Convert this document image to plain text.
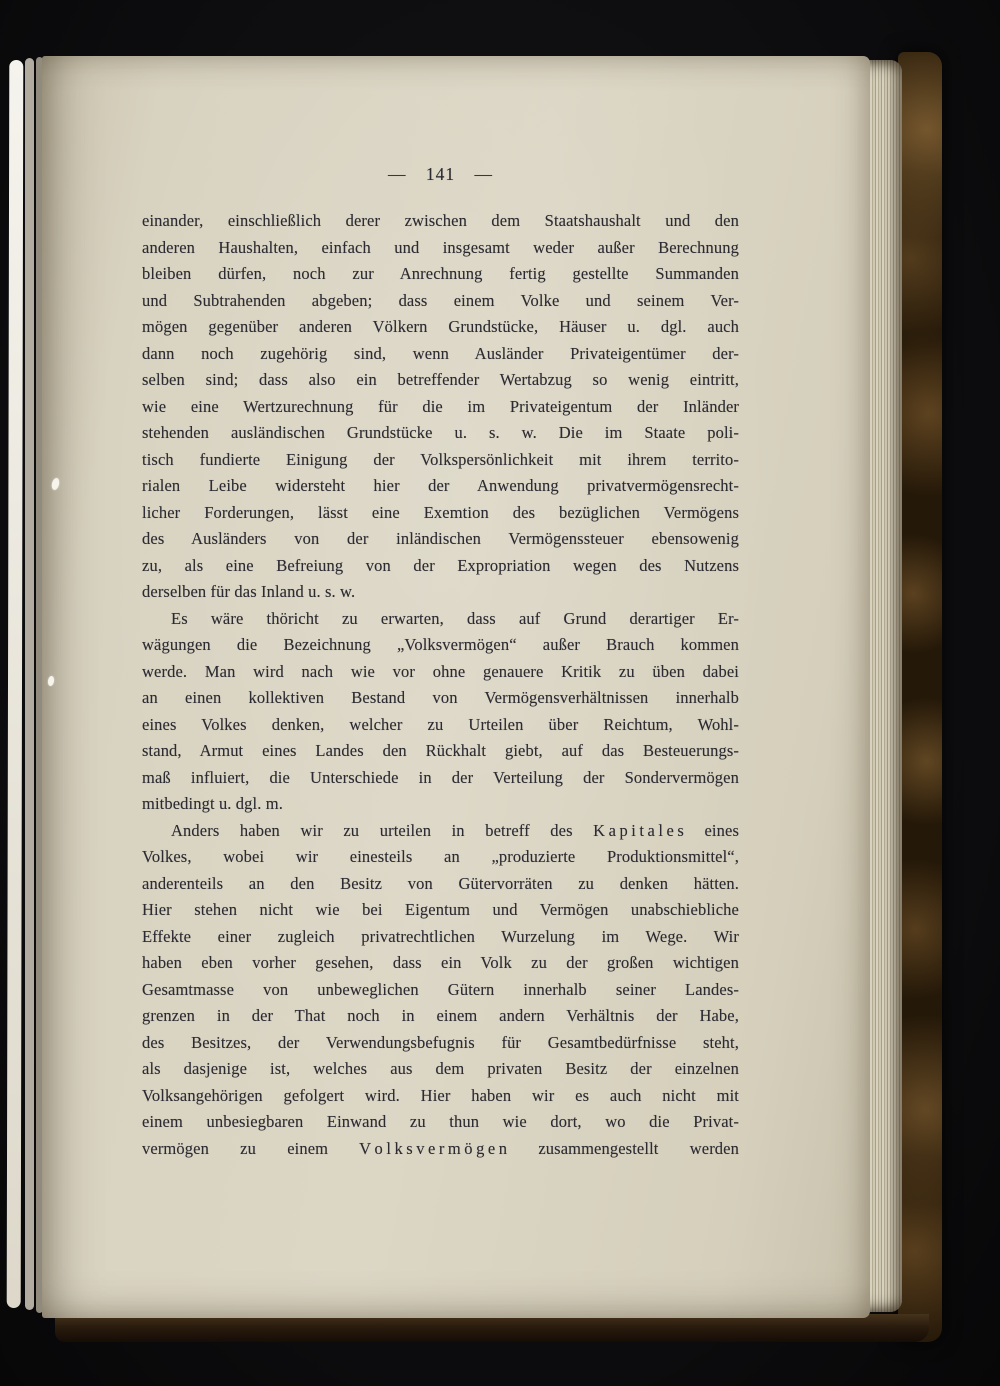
— 141 —
einander, einschließlich derer zwischen dem Staatshaushalt und den
anderen Haushalten, einfach und insgesamt weder außer Berechnung
bleiben dürfen, noch zur Anrechnung fertig gestellte Summanden
und Subtrahenden abgeben; dass einem Volke und seinem Ver-
mögen gegenüber anderen Völkern Grundstücke, Häuser u. dgl. auch
dann noch zugehörig sind, wenn Ausländer Privateigentümer der-
selben sind; dass also ein betreffender Wertabzug so wenig eintritt,
wie eine Wertzurechnung für die im Privateigentum der Inländer
stehenden ausländischen Grundstücke u. s. w. Die im Staate poli-
tisch fundierte Einigung der Volkspersönlichkeit mit ihrem territo-
rialen Leibe widersteht hier der Anwendung privatvermögensrecht-
licher Forderungen, lässt eine Exemtion des bezüglichen Vermögens
des Ausländers von der inländischen Vermögenssteuer ebensowenig
zu, als eine Befreiung von der Expropriation wegen des Nutzens
derselben für das Inland u. s. w.
Es wäre thöricht zu erwarten, dass auf Grund derartiger Er-
wägungen die Bezeichnung „Volksvermögen“ außer Brauch kommen
werde. Man wird nach wie vor ohne genauere Kritik zu üben dabei
an einen kollektiven Bestand von Vermögensverhältnissen innerhalb
eines Volkes denken, welcher zu Urteilen über Reichtum, Wohl-
stand, Armut eines Landes den Rückhalt giebt, auf das Besteuerungs-
maß influiert, die Unterschiede in der Verteilung der Sondervermögen
mitbedingt u. dgl. m.
Anders haben wir zu urteilen in betreff des K a p i t a l e s eines
Volkes, wobei wir einesteils an „produzierte Produktionsmittel“,
anderenteils an den Besitz von Gütervorräten zu denken hätten.
Hier stehen nicht wie bei Eigentum und Vermögen unabschiebliche
Effekte einer zugleich privatrechtlichen Wurzelung im Wege. Wir
haben eben vorher gesehen, dass ein Volk zu der großen wichtigen
Gesamtmasse von unbeweglichen Gütern innerhalb seiner Landes-
grenzen in der That noch in einem andern Verhältnis der Habe,
des Besitzes, der Verwendungsbefugnis für Gesamtbedürfnisse steht,
als dasjenige ist, welches aus dem privaten Besitz der einzelnen
Volksangehörigen gefolgert wird. Hier haben wir es auch nicht mit
einem unbesiegbaren Einwand zu thun wie dort, wo die Privat-
vermögen zu einem V o l k s v e r m ö g e n zusammengestellt werden
